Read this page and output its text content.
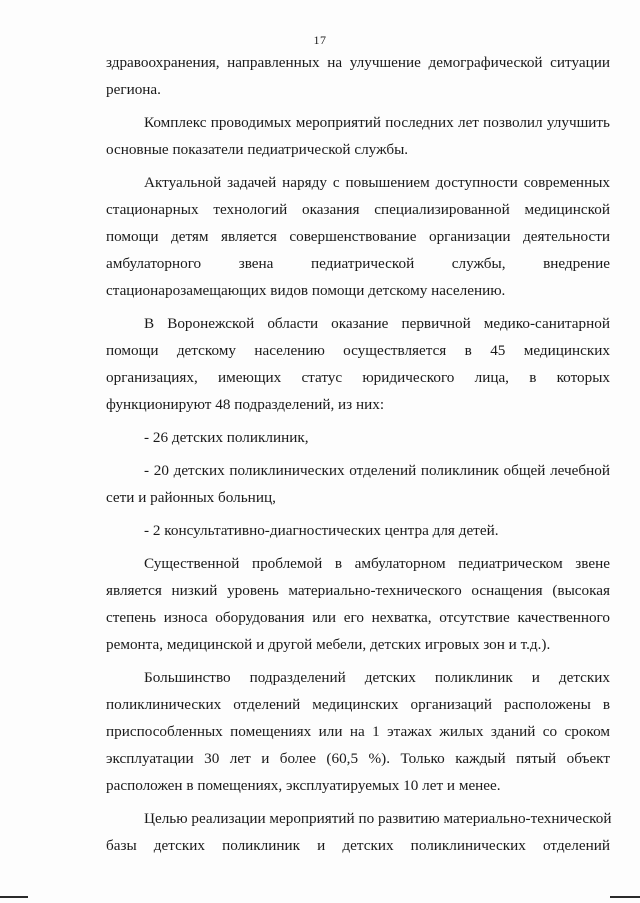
17
здравоохранения, направленных на улучшение демографической ситуации
региона.
Комплекс проводимых мероприятий последних лет позволил улучшить
основные показатели педиатрической службы.
Актуальной задачей наряду с повышением доступности современных
стационарных технологий оказания специализированной медицинской
помощи детям является совершенствование организации деятельности
амбулаторного звена педиатрической службы, внедрение
стационарозамещающих видов помощи детскому населению.
В Воронежской области оказание первичной медико-санитарной
помощи детскому населению осуществляется в 45 медицинских
организациях, имеющих статус юридического лица, в которых
функционируют 48 подразделений, из них:
- 26 детских поликлиник,
- 20 детских поликлинических отделений поликлиник общей лечебной
сети и районных больниц,
- 2 консультативно-диагностических центра для детей.
Существенной проблемой в амбулаторном педиатрическом звене
является низкий уровень материально-технического оснащения (высокая
степень износа оборудования или его нехватка, отсутствие качественного
ремонта, медицинской и другой мебели, детских игровых зон и т.д.).
Большинство подразделений детских поликлиник и детских
поликлинических отделений медицинских организаций расположены в
приспособленных помещениях или на 1 этажах жилых зданий со сроком
эксплуатации 30 лет и более (60,5 %). Только каждый пятый объект
расположен в помещениях, эксплуатируемых 10 лет и менее.
Целью реализации мероприятий по развитию материально-технической
базы детских поликлиник и детских поликлинических отделений
